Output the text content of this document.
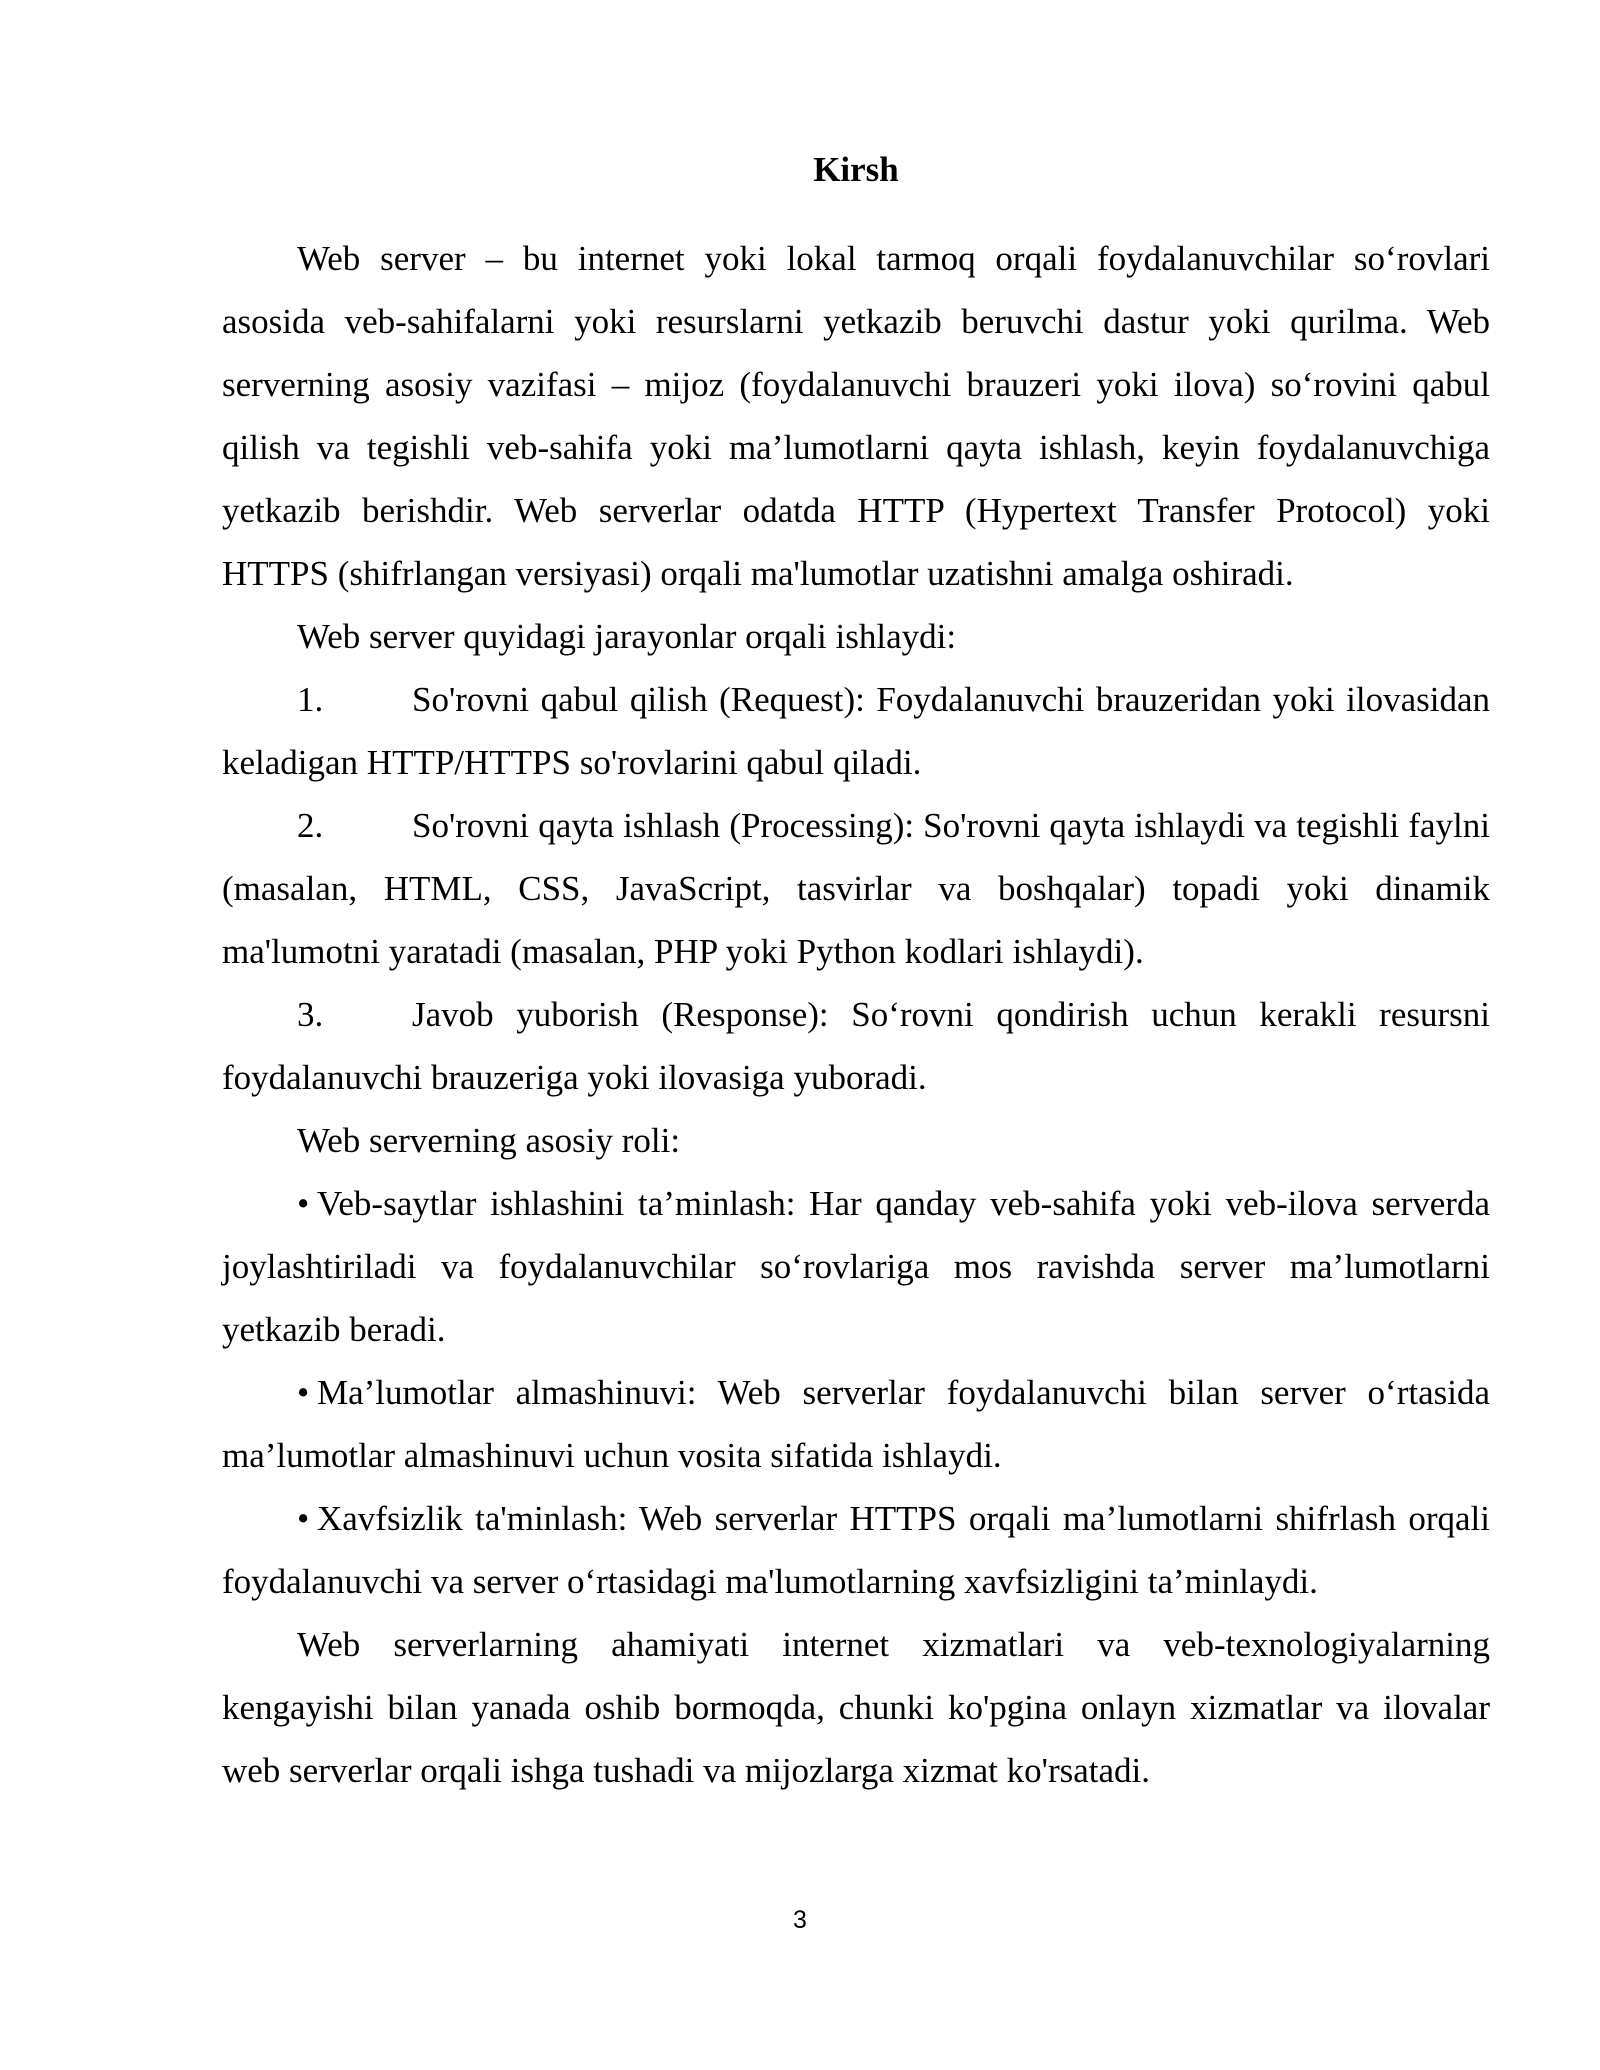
Kirsh

Web server – bu internet yoki lokal tarmoq orqali foydalanuvchilar so‘rovlari asosida veb-sahifalarni yoki resurslarni yetkazib beruvchi dastur yoki qurilma. Web serverning asosiy vazifasi – mijoz (foydalanuvchi brauzeri yoki ilova) so‘rovini qabul qilish va tegishli veb-sahifa yoki ma’lumotlarni qayta ishlash, keyin foydalanuvchiga yetkazib berishdir. Web serverlar odatda HTTP (Hypertext Transfer Protocol) yoki HTTPS (shifrlangan versiyasi) orqali ma'lumotlar uzatishni amalga oshiradi.

Web server quyidagi jarayonlar orqali ishlaydi:

1.	So'rovni qabul qilish (Request): Foydalanuvchi brauzeridan yoki ilovasidan keladigan HTTP/HTTPS so'rovlarini qabul qiladi.

2.	So'rovni qayta ishlash (Processing): So'rovni qayta ishlaydi va tegishli faylni (masalan, HTML, CSS, JavaScript, tasvirlar va boshqalar) topadi yoki dinamik ma'lumotni yaratadi (masalan, PHP yoki Python kodlari ishlaydi).

3.	Javob yuborish (Response): So‘rovni qondirish uchun kerakli resursni foydalanuvchi brauzeriga yoki ilovasiga yuboradi.

Web serverning asosiy roli:

• Veb-saytlar ishlashini ta’minlash: Har qanday veb-sahifa yoki veb-ilova serverda joylashtiriladi va foydalanuvchilar so‘rovlariga mos ravishda server ma’lumotlarni yetkazib beradi.

• Ma’lumotlar almashinuvi: Web serverlar foydalanuvchi bilan server o‘rtasida ma’lumotlar almashinuvi uchun vosita sifatida ishlaydi.

• Xavfsizlik ta'minlash: Web serverlar HTTPS orqali ma’lumotlarni shifrlash orqali foydalanuvchi va server o‘rtasidagi ma'lumotlarning xavfsizligini ta’minlaydi.

Web serverlarning ahamiyati internet xizmatlari va veb-texnologiyalarning kengayishi bilan yanada oshib bormoqda, chunki ko'pgina onlayn xizmatlar va ilovalar web serverlar orqali ishga tushadi va mijozlarga xizmat ko'rsatadi.

3
